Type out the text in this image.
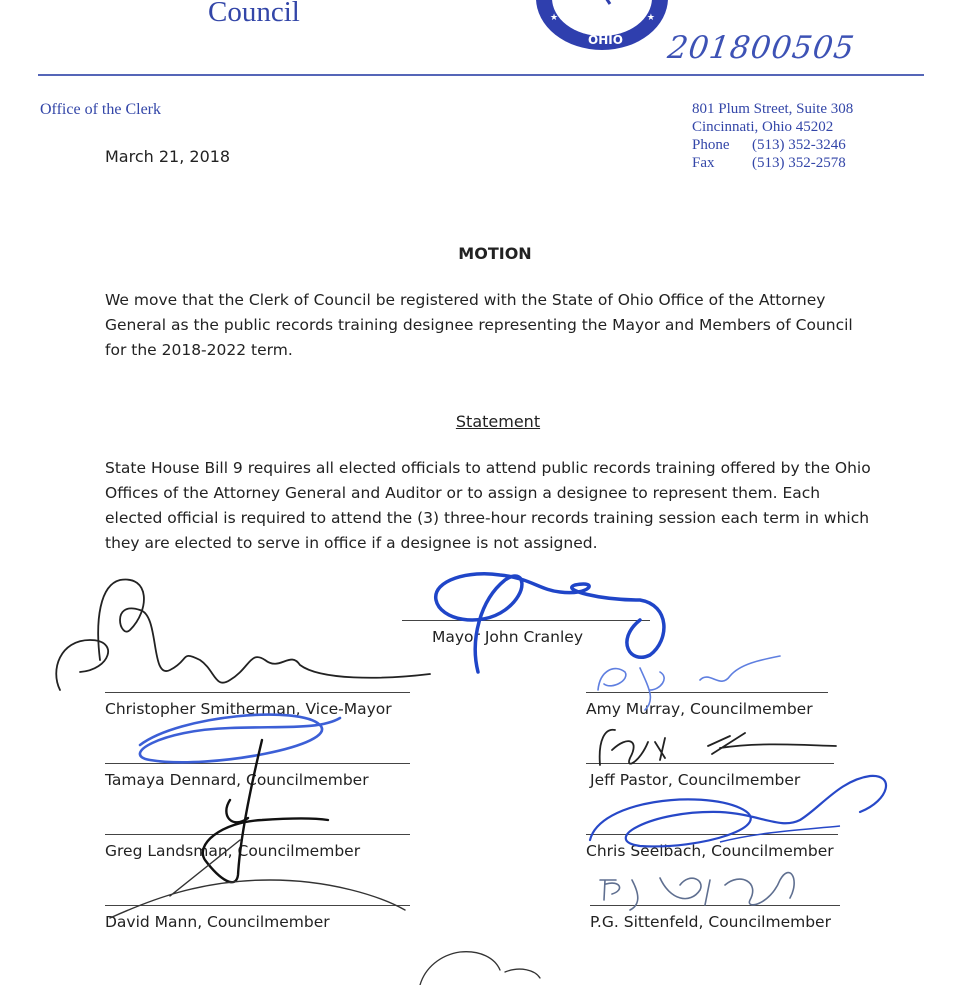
Council	★ ★	★ ★
OHIO 201800505
Office of the Clerk	801 Plum Street, Suite 308
Cincinnati, Ohio 45202
Phone (513) 352-3246
Fax	(513) 352-2578
March 21, 2018
MOTION
We move that the Clerk of Council be registered with the State of Ohio Office of the Attorney General as the public records training designee representing the Mayor and Members of Council for the 2018-2022 term.
Statement
State House Bill 9 requires all elected officials to attend public records training offered by the Ohio Offices of the Attorney General and Auditor or to assign a designee to represent them. Each elected official is required to attend the (3) three-hour records training session each term in which they are elected to serve in office if a designee is not assigned.
Mayor John Cranley
Christopher Smitherman, Vice-Mayor	Amy Murray, Councilmember
Tamaya Dennard, Councilmember	Jeff Pastor, Councilmember
Greg Landsman, Councilmember	Chris Seelbach, Councilmember
David Mann, Councilmember	P.G. Sittenfeld, Councilmember
